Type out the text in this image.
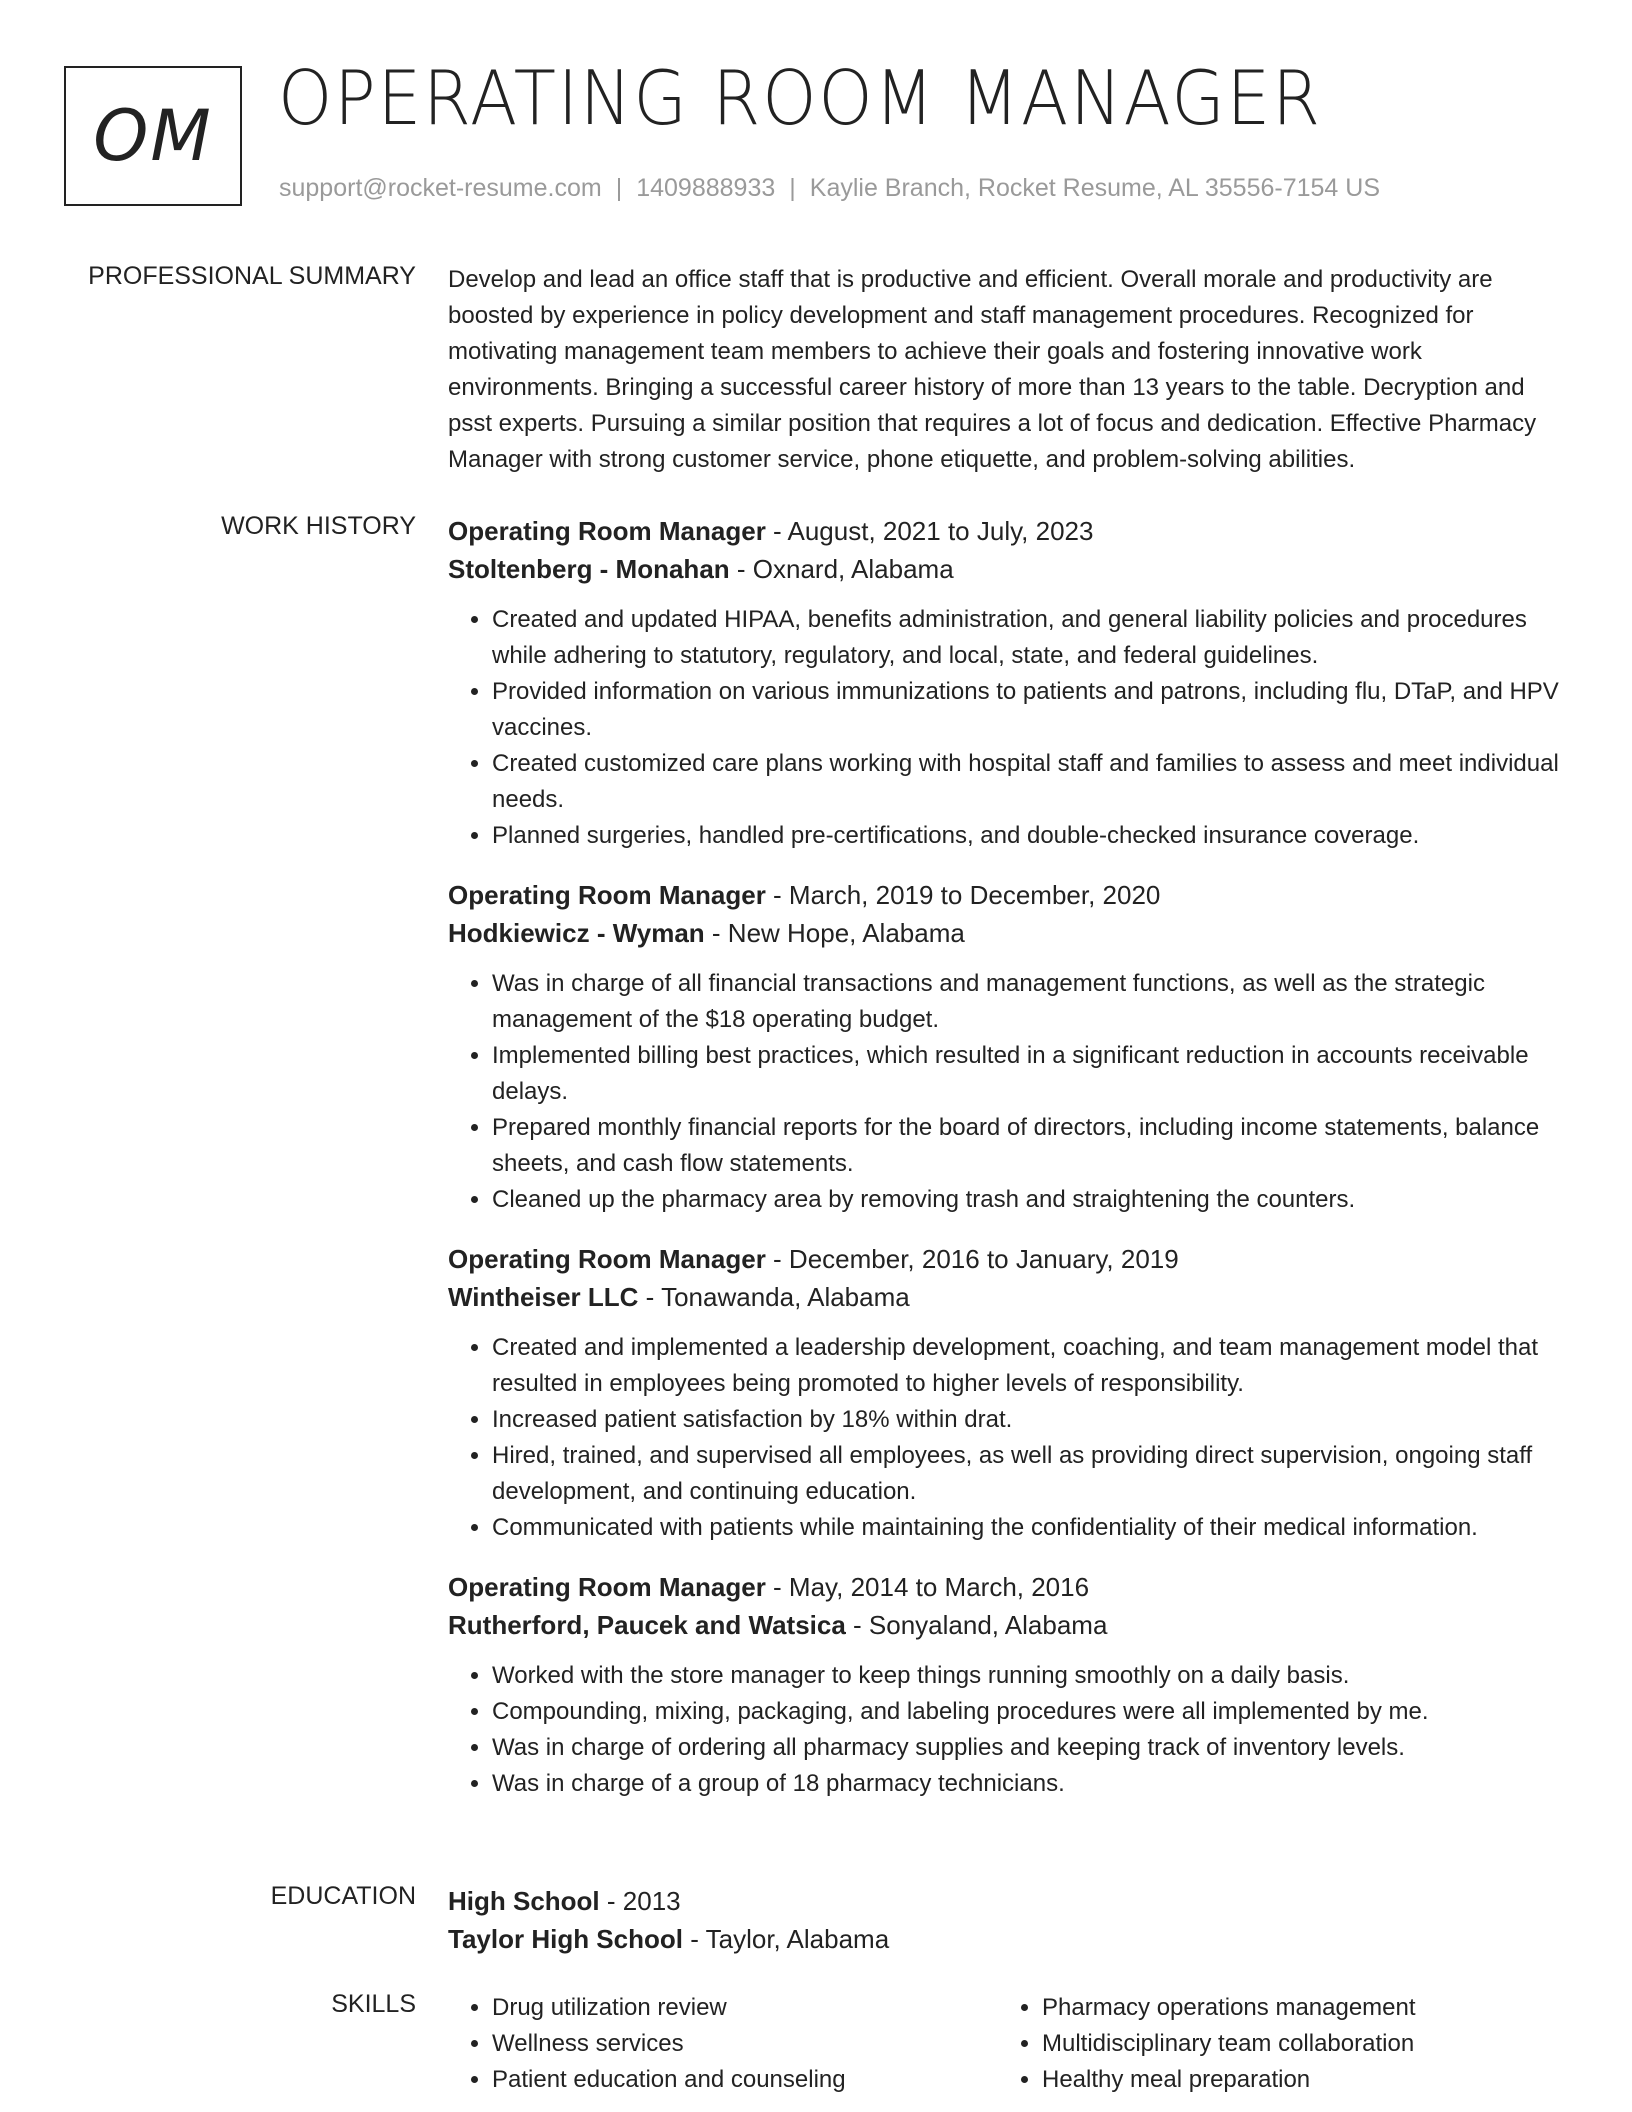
OM OPERATING ROOM MANAGER
support@rocket-resume.com | 1409888933 | Kaylie Branch, Rocket Resume, AL 35556-7154 US
PROFESSIONAL SUMMARY Develop and lead an office staff that is productive and efficient. Overall morale and productivity are boosted by experience in policy development and staff management procedures. Recognized for motivating management team members to achieve their goals and fostering innovative work environments. Bringing a successful career history of more than 13 years to the table. Decryption and psst experts. Pursuing a similar position that requires a lot of focus and dedication. Effective Pharmacy Manager with strong customer service, phone etiquette, and problem-solving abilities.
WORK HISTORY Operating Room Manager - August, 2021 to July, 2023
Stoltenberg - Monahan - Oxnard, Alabama
• Created and updated HIPAA, benefits administration, and general liability policies and procedures while adhering to statutory, regulatory, and local, state, and federal guidelines.
• Provided information on various immunizations to patients and patrons, including flu, DTaP, and HPV vaccines.
• Created customized care plans working with hospital staff and families to assess and meet individual needs.
• Planned surgeries, handled pre-certifications, and double-checked insurance coverage.
Operating Room Manager - March, 2019 to December, 2020
Hodkiewicz - Wyman - New Hope, Alabama
• Was in charge of all financial transactions and management functions, as well as the strategic management of the $18 operating budget.
• Implemented billing best practices, which resulted in a significant reduction in accounts receivable delays.
• Prepared monthly financial reports for the board of directors, including income statements, balance sheets, and cash flow statements.
• Cleaned up the pharmacy area by removing trash and straightening the counters.
Operating Room Manager - December, 2016 to January, 2019
Wintheiser LLC - Tonawanda, Alabama
• Created and implemented a leadership development, coaching, and team management model that resulted in employees being promoted to higher levels of responsibility.
• Increased patient satisfaction by 18% within drat.
• Hired, trained, and supervised all employees, as well as providing direct supervision, ongoing staff development, and continuing education.
• Communicated with patients while maintaining the confidentiality of their medical information.
Operating Room Manager - May, 2014 to March, 2016
Rutherford, Paucek and Watsica - Sonyaland, Alabama
• Worked with the store manager to keep things running smoothly on a daily basis.
• Compounding, mixing, packaging, and labeling procedures were all implemented by me.
• Was in charge of ordering all pharmacy supplies and keeping track of inventory levels.
• Was in charge of a group of 18 pharmacy technicians.
EDUCATION High School - 2013
Taylor High School - Taylor, Alabama
SKILLS
•	Drug utilization review
• Wellness services
• Patient education and counseling
• Pharmacy operations management
• Multidisciplinary team collaboration
• Healthy meal preparation
